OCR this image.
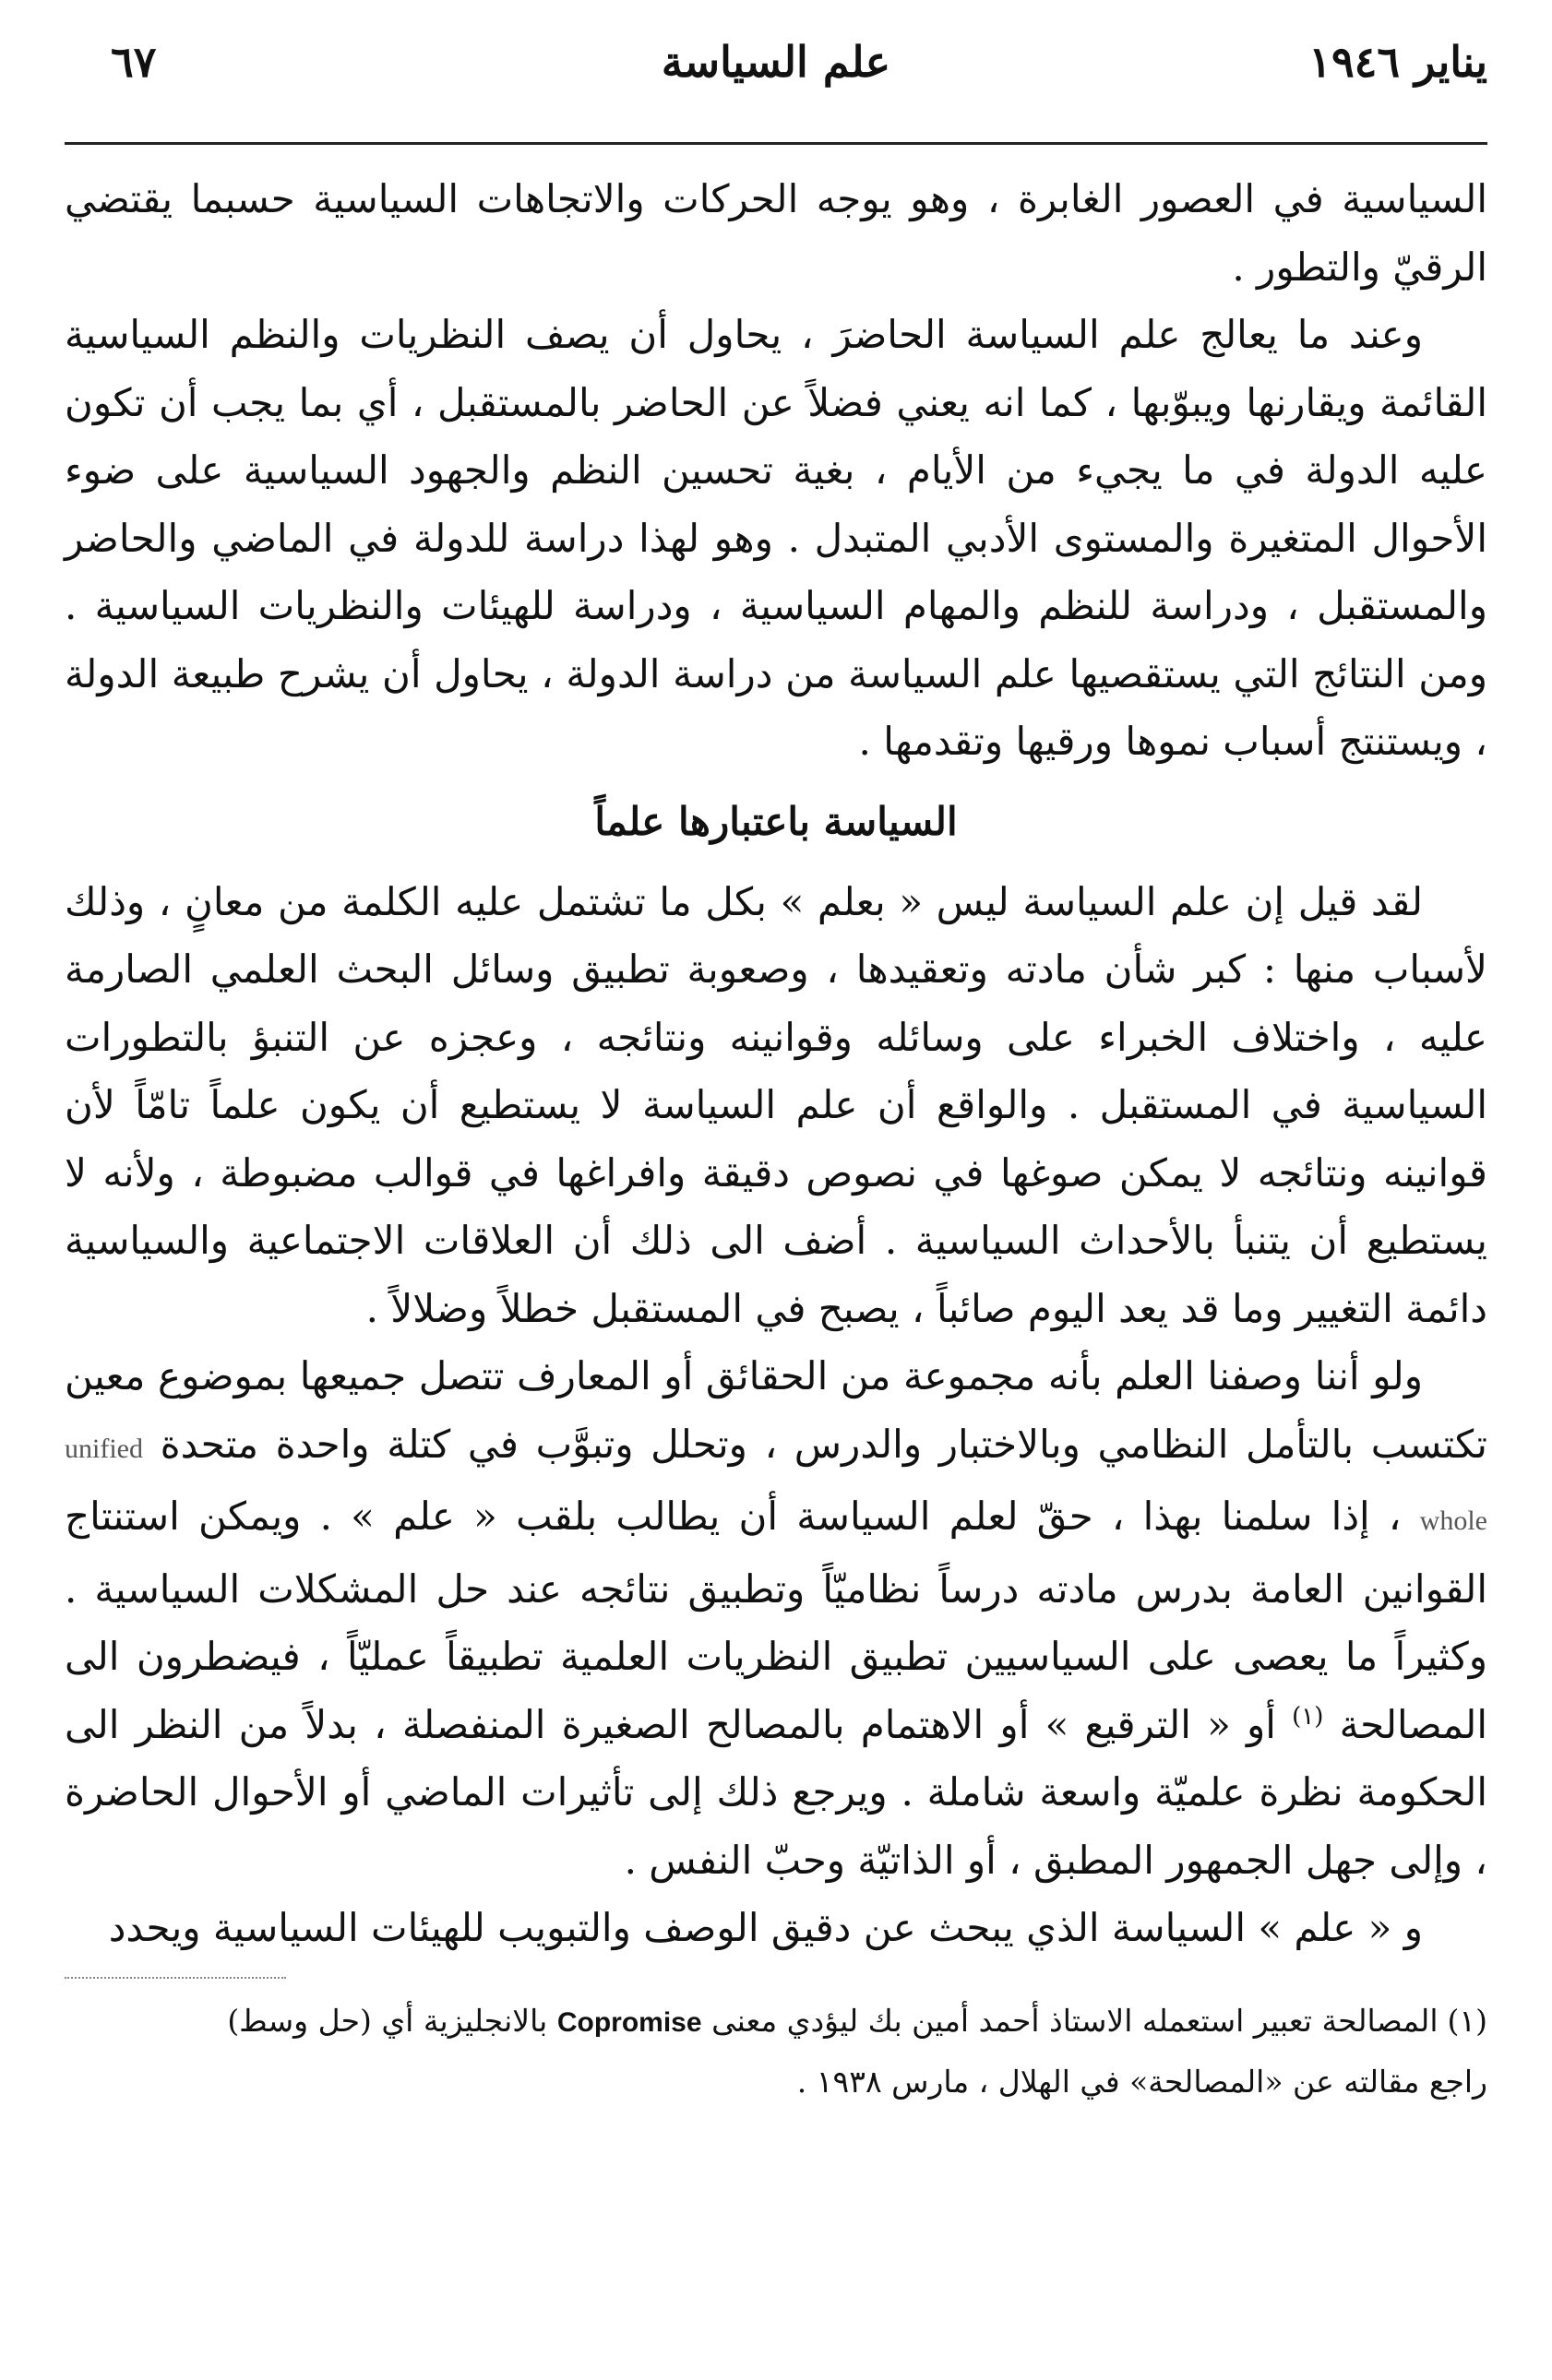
يناير ١٩٤٦
علم السياسة
٦٧

السياسية في العصور الغابرة ، وهو يوجه الحركات والاتجاهات السياسية حسبما يقتضي الرقيّ والتطور .

وعند ما يعالج علم السياسة الحاضرَ ، يحاول أن يصف النظريات والنظم السياسية القائمة ويقارنها ويبوّبها ، كما انه يعني فضلاً عن الحاضر بالمستقبل ، أي بما يجب أن تكون عليه الدولة في ما يجيء من الأيام ، بغية تحسين النظم والجهود السياسية على ضوء الأحوال المتغيرة والمستوى الأدبي المتبدل . وهو لهذا دراسة للدولة في الماضي والحاضر والمستقبل ، ودراسة للنظم والمهام السياسية ، ودراسة للهيئات والنظريات السياسية . ومن النتائج التي يستقصيها علم السياسة من دراسة الدولة ، يحاول أن يشرح طبيعة الدولة ، ويستنتج أسباب نموها ورقيها وتقدمها .

السياسة باعتبارها علماً

لقد قيل إن علم السياسة ليس « بعلم » بكل ما تشتمل عليه الكلمة من معانٍ ، وذلك لأسباب منها : كبر شأن مادته وتعقيدها ، وصعوبة تطبيق وسائل البحث العلمي الصارمة عليه ، واختلاف الخبراء على وسائله وقوانينه ونتائجه ، وعجزه عن التنبؤ بالتطورات السياسية في المستقبل . والواقع أن علم السياسة لا يستطيع أن يكون علماً تامّاً لأن قوانينه ونتائجه لا يمكن صوغها في نصوص دقيقة وافراغها في قوالب مضبوطة ، ولأنه لا يستطيع أن يتنبأ بالأحداث السياسية . أضف الى ذلك أن العلاقات الاجتماعية والسياسية دائمة التغيير وما قد يعد اليوم صائباً ، يصبح في المستقبل خطلاً وضلالاً .

ولو أننا وصفنا العلم بأنه مجموعة من الحقائق أو المعارف تتصل جميعها بموضوع معين تكتسب بالتأمل النظامي وبالاختبار والدرس ، وتحلل وتبوَّب في كتلة واحدة متحدة unified whole ، إذا سلمنا بهذا ، حقّ لعلم السياسة أن يطالب بلقب « علم » . ويمكن استنتاج القوانين العامة بدرس مادته درساً نظاميّاً وتطبيق نتائجه عند حل المشكلات السياسية . وكثيراً ما يعصى على السياسيين تطبيق النظريات العلمية تطبيقاً عمليّاً ، فيضطرون الى المصالحة $^{(١)}$ أو « الترقيع » أو الاهتمام بالمصالح الصغيرة المنفصلة ، بدلاً من النظر الى الحكومة نظرة علميّة واسعة شاملة . ويرجع ذلك إلى تأثيرات الماضي أو الأحوال الحاضرة ، وإلى جهل الجمهور المطبق ، أو الذاتيّة وحبّ النفس .

و « علم » السياسة الذي يبحث عن دقيق الوصف والتبويب للهيئات السياسية ويحدد

(١)المصالحة تعبير استعمله الاستاذ أحمد أمين بك ليؤدي معنى Copromise بالانجليزية أي (حل وسط)

راجع مقالته عن «المصالحة» في الهلال ، مارس ١٩٣٨ .
